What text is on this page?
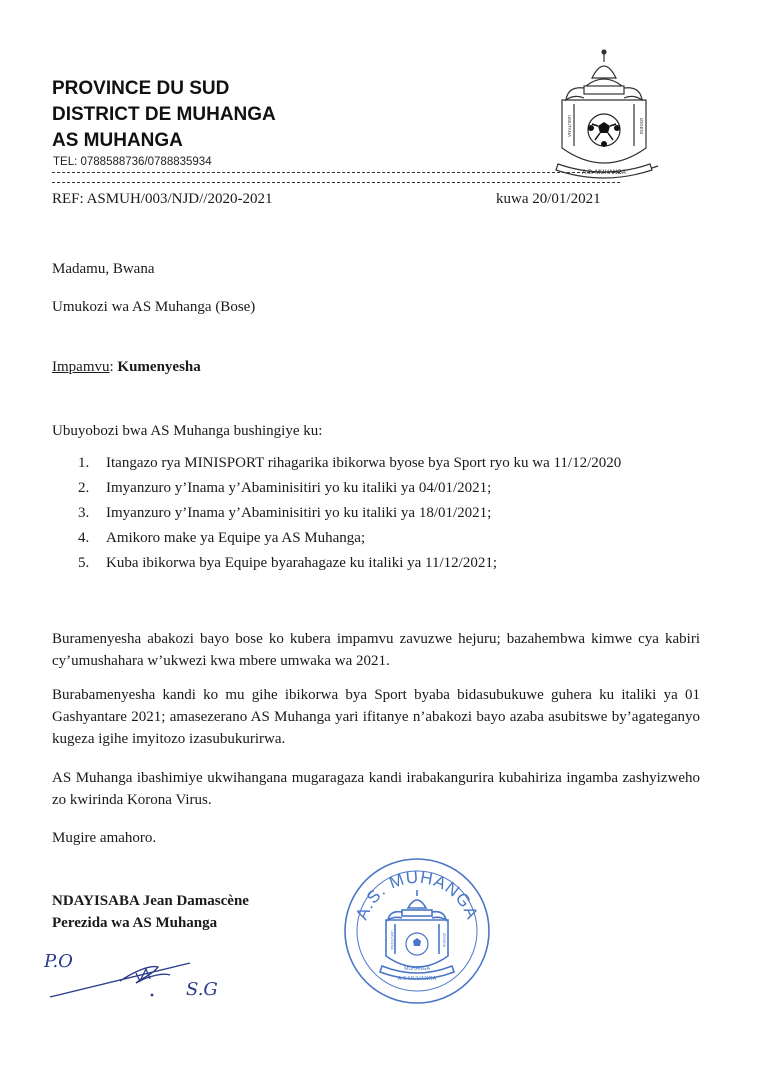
PROVINCE DU SUD
DISTRICT DE MUHANGA
AS MUHANGA
TEL: 0788588736/0788835934
UMUTANA	IZIGENI
A.S. MUHANGA
REF: ASMUH/003/NJD//2020-2021	kuwa 20/01/2021
Madamu, Bwana
Umukozi wa AS Muhanga (Bose)
Impamvu: Kumenyesha
Ubuyobozi bwa AS Muhanga bushingiye ku:
1. Itangazo rya MINISPORT rihagarika ibikorwa byose bya Sport ryo ku wa 11/12/2020
2. Imyanzuro y’Inama y’Abaminisitiri yo ku italiki ya 04/01/2021;
3. Imyanzuro y’Inama y’Abaminisitiri yo ku italiki ya 18/01/2021;
4. Amikoro make ya Equipe ya AS Muhanga;
5. Kuba ibikorwa bya Equipe byarahagaze ku italiki ya 11/12/2021;
Buramenyesha abakozi bayo bose ko kubera impamvu zavuzwe hejuru; bazahembwa kimwe cya kabiri cy’umushahara w’ukwezi kwa mbere umwaka wa 2021.
Burabamenyesha kandi ko mu gihe ibikorwa bya Sport byaba bidasubukuwe guhera ku italiki ya 01 Gashyantare 2021; amasezerano AS Muhanga yari ifitanye n’abakozi bayo azaba asubitswe by’agateganyo kugeza igihe imyitozo izasubukurirwa.
AS Muhanga ibashimiye ukwihangana mugaragaza kandi irabakangurira kubahiriza ingamba zashyizweho zo kwirinda Korona Virus.
Mugire amahoro.
NDAYISABA Jean Damascène
Perezida wa AS Muhanga
P.O
S.G
A.S. MUHANGA
UMUTANA	IZIGENI
MUHANGA
A.S MUHANGA
